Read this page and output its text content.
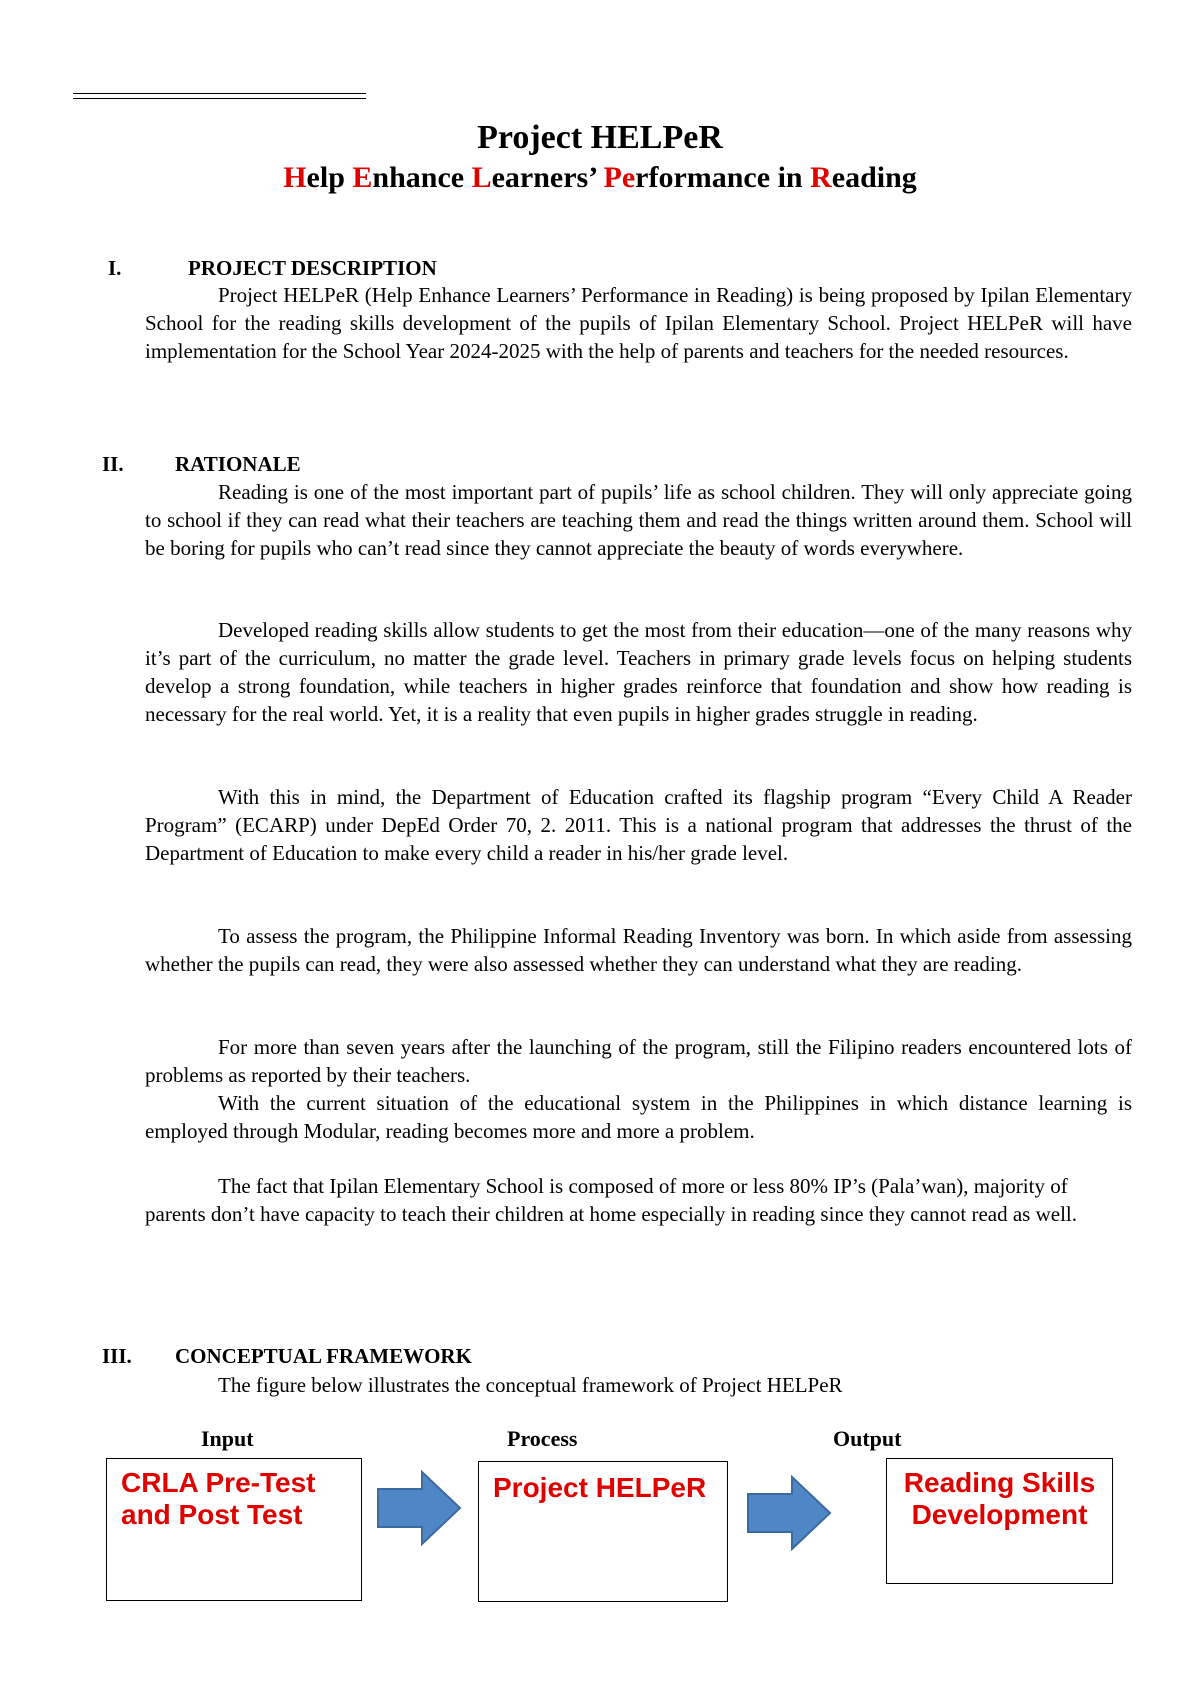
Project HELPeR
Help Enhance Learners’ Performance in Reading
I.	PROJECT DESCRIPTION

Project HELPeR (Help Enhance Learners’ Performance in Reading) is being proposed by Ipilan Elementary School for the reading skills development of the pupils of Ipilan Elementary School. Project HELPeR will have implementation for the School Year 2024-2025 with the help of parents and teachers for the needed resources.

II. RATIONALE

Reading is one of the most important part of pupils’ life as school children. They will only appreciate going to school if they can read what their teachers are teaching them and read the things written around them. School will be boring for pupils who can’t read since they cannot appreciate the beauty of words everywhere.

Developed reading skills allow students to get the most from their education—one of the many reasons why it’s part of the curriculum, no matter the grade level. Teachers in primary grade levels focus on helping students develop a strong foundation, while teachers in higher grades reinforce that foundation and show how reading is necessary for the real world. Yet, it is a reality that even pupils in higher grades struggle in reading.

With this in mind, the Department of Education crafted its flagship program “Every Child A Reader Program” (ECARP) under DepEd Order 70, 2. 2011. This is a national program that addresses the thrust of the Department of Education to make every child a reader in his/her grade level.

To assess the program, the Philippine Informal Reading Inventory was born. In which aside from assessing whether the pupils can read, they were also assessed whether they can understand what they are reading.

For more than seven years after the launching of the program, still the Filipino readers encountered lots of problems as reported by their teachers.

With the current situation of the educational system in the Philippines in which distance learning is employed through Modular, reading becomes more and more a problem.

The fact that Ipilan Elementary School is composed of more or less 80% IP’s (Pala’wan), majority of parents don’t have capacity to teach their children at home especially in reading since they cannot read as well.

III. CONCEPTUAL FRAMEWORK

The figure below illustrates the conceptual framework of Project HELPeR

Input	Process	Output
CRLA Pre-Test
and Post Test
Project HELPeR	Reading Skills
Development
